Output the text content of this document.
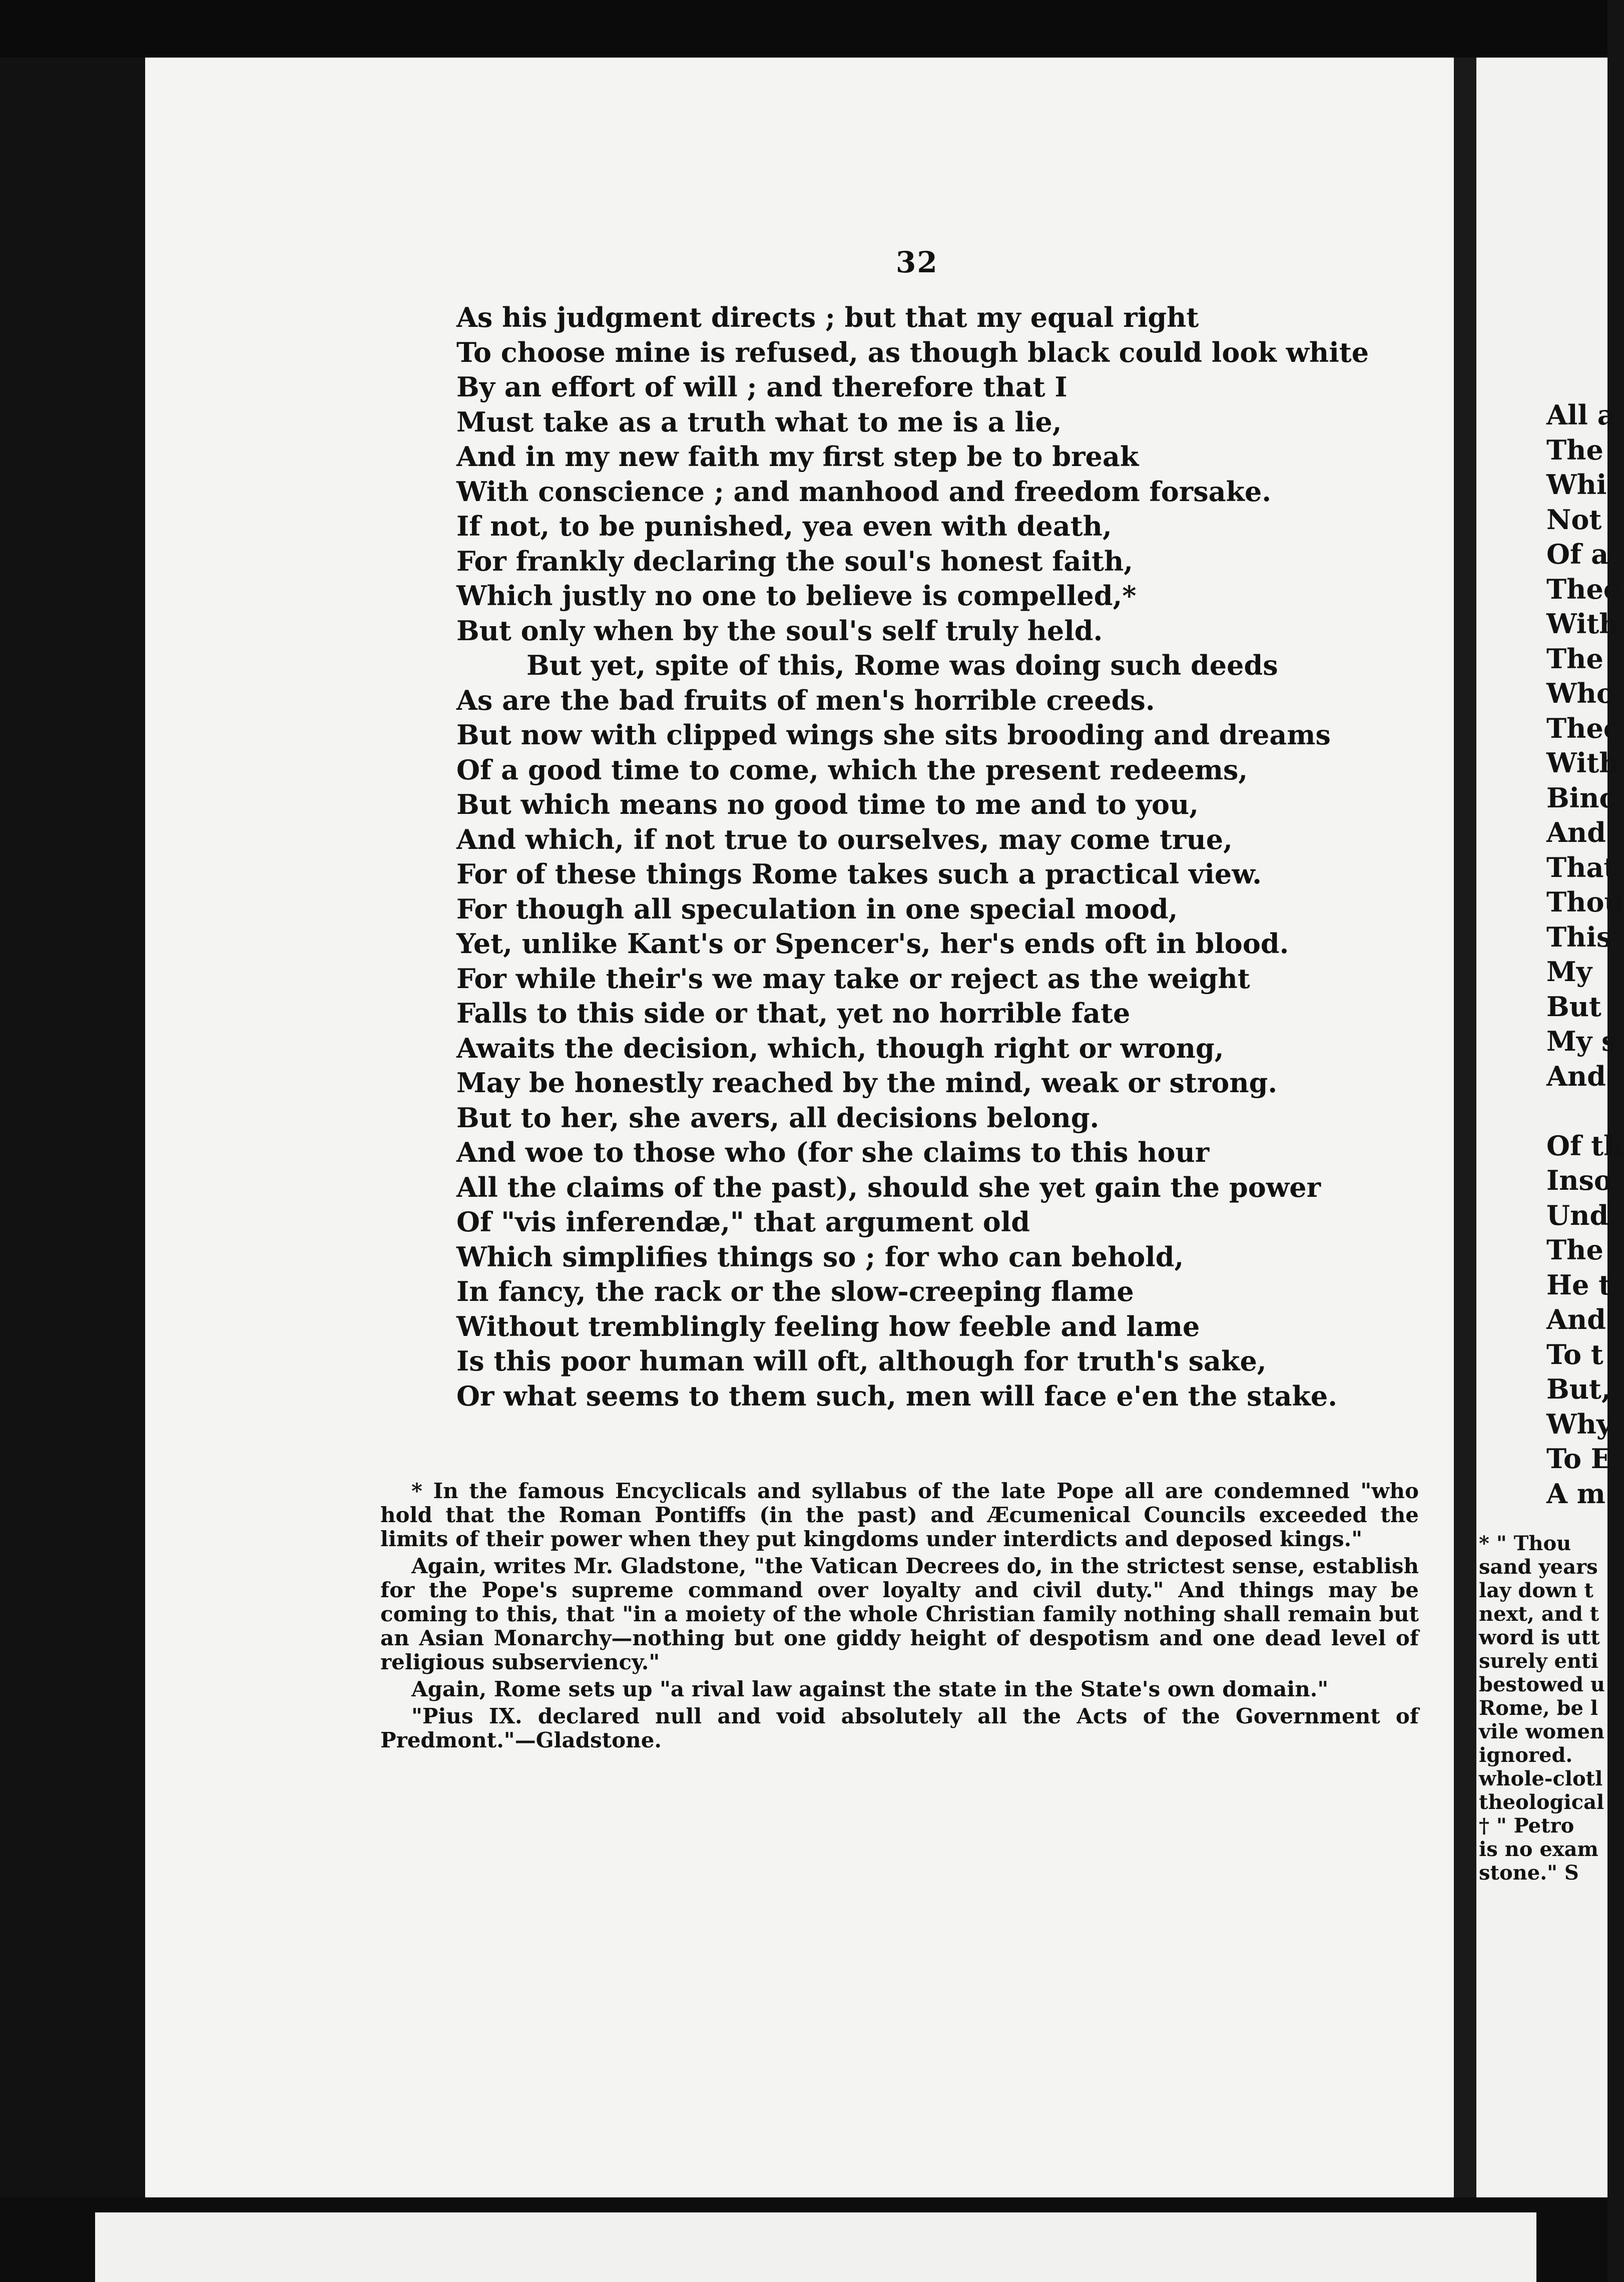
32
As his judgment directs ; but that my equal right
To choose mine is refused, as though black could look white
By an effort of will ; and therefore that I
Must take as a truth what to me is a lie,
And in my new faith my first step be to break
With conscience ; and manhood and freedom forsake.
If not, to be punished, yea even with death,
For frankly declaring the soul's honest faith,
Which justly no one to believe is compelled,*
But only when by the soul's self truly held.
But yet, spite of this, Rome was doing such deeds
As are the bad fruits of men's horrible creeds.
But now with clipped wings she sits brooding and dreams
Of a good time to come, which the present redeems,
But which means no good time to me and to you,
And which, if not true to ourselves, may come true,
For of these things Rome takes such a practical view.
For though all speculation in one special mood,
Yet, unlike Kant's or Spencer's, her's ends oft in blood.
For while their's we may take or reject as the weight
Falls to this side or that, yet no horrible fate
Awaits the decision, which, though right or wrong,
May be honestly reached by the mind, weak or strong.
But to her, she avers, all decisions belong.
And woe to those who (for she claims to this hour
All the claims of the past), should she yet gain the power
Of "vis inferendæ," that argument old
Which simplifies things so ; for who can behold,
In fancy, the rack or the slow-creeping flame
Without tremblingly feeling how feeble and lame
Is this poor human will oft, although for truth's sake,
Or what seems to them such, men will face e'en the stake.

* In the famous Encyclicals and syllabus of the late Pope all are condemned "who hold that the Roman Pontiffs (in the past) and Æcumenical Councils exceeded the limits of their power when they put kingdoms under interdicts and deposed kings."

Again, writes Mr. Gladstone, "the Vatican Decrees do, in the strictest sense, establish for the Pope's supreme command over loyalty and civil duty." And things may be coming to this, that "in a moiety of the whole Christian family nothing shall remain but an Asian Monarchy—nothing but one giddy height of despotism and one dead level of religious subserviency."

Again, Rome sets up "a rival law against the state in the State's own domain."

"Pius IX. declared null and void absolutely all the Acts of the Government of Predmont."—Gladstone.

All a
The
Whi
Not
Of a
Thec
With
The
Who
Thec
With
Binc
And
That
Thou
This
My
But
My s
And
Of th
Inso
Und
The
He t
And
To t
But,
Why
To E
A m
* " Thou
sand years
lay down t
next, and t
word is utt
surely enti
bestowed u
Rome, be l
vile women
ignored.
whole-clotl
theological
† " Petro
is no exam
stone." S
